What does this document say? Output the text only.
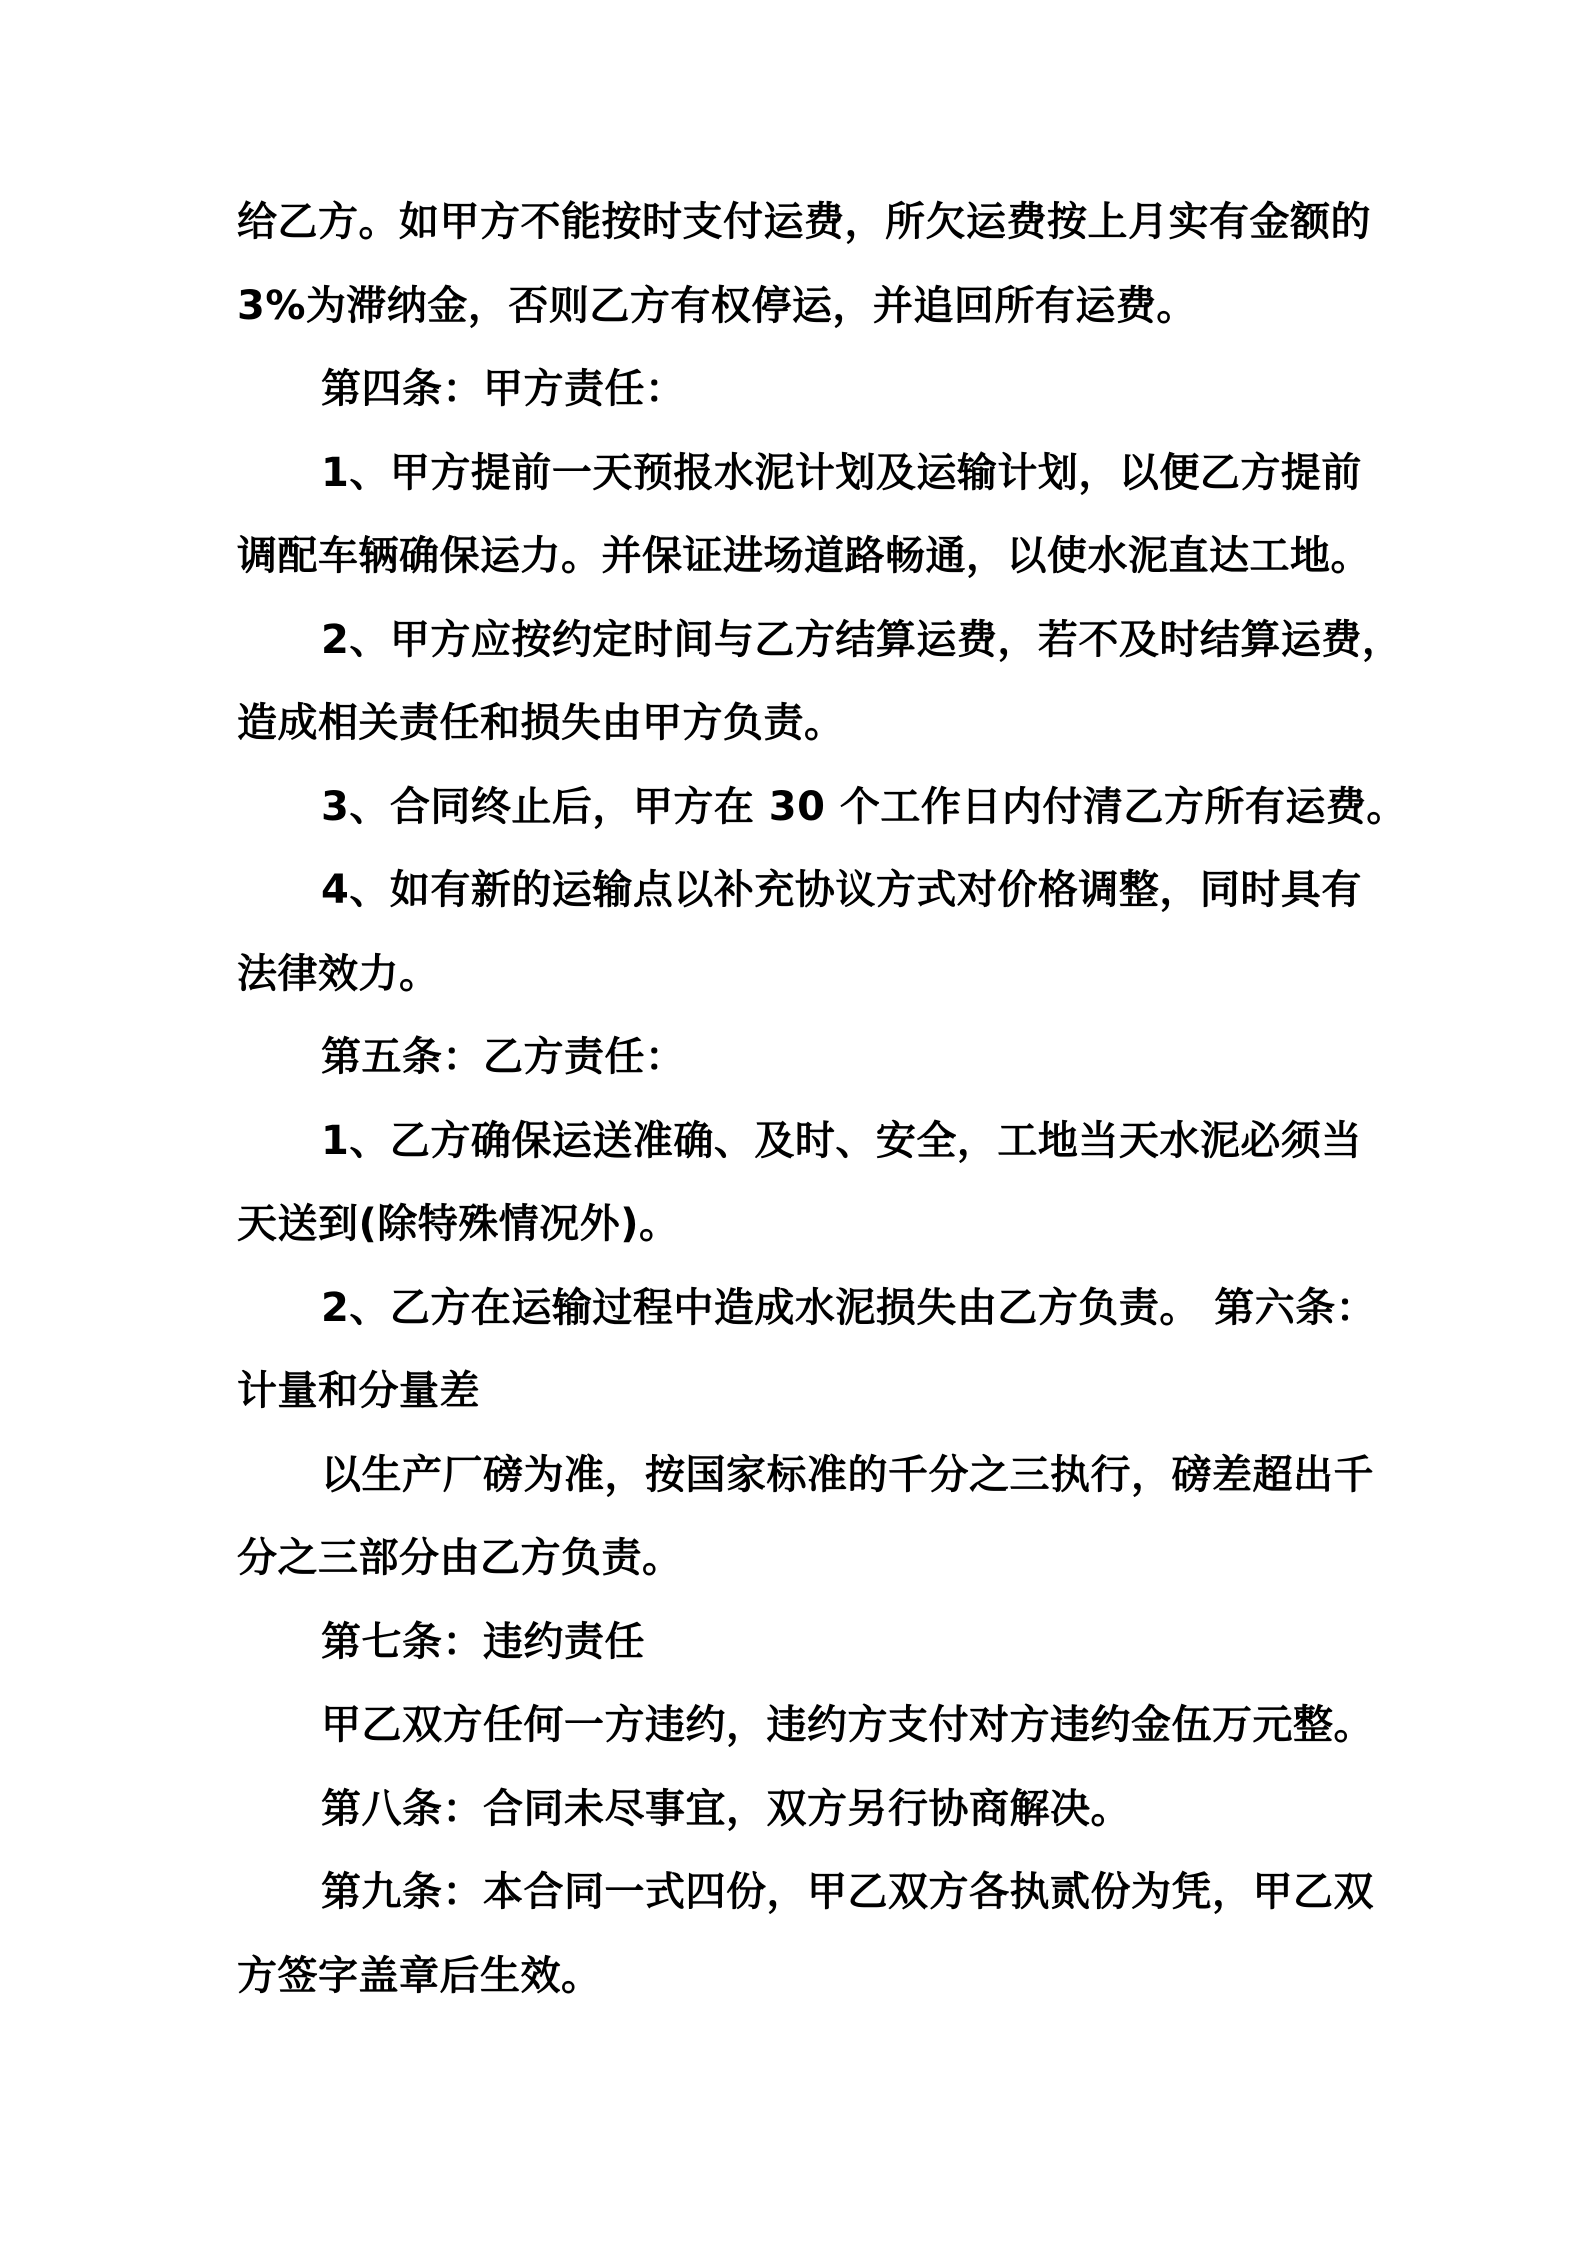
给乙方。如甲方不能按时支付运费，所欠运费按上月实有金额的
3%为滞纳金，否则乙方有权停运，并追回所有运费。
第四条：甲方责任：
1、甲方提前一天预报水泥计划及运输计划，以便乙方提前
调配车辆确保运力。并保证进场道路畅通，以使水泥直达工地。
2、甲方应按约定时间与乙方结算运费，若不及时结算运费，
造成相关责任和损失由甲方负责。
3、合同终止后，甲方在 30 个工作日内付清乙方所有运费。
4、如有新的运输点以补充协议方式对价格调整，同时具有
法律效力。
第五条：乙方责任：
1、乙方确保运送准确、及时、安全，工地当天水泥必须当
天送到(除特殊情况外)。
2、乙方在运输过程中造成水泥损失由乙方负责。 第六条：
计量和分量差
以生产厂磅为准，按国家标准的千分之三执行，磅差超出千
分之三部分由乙方负责。
第七条：违约责任
甲乙双方任何一方违约，违约方支付对方违约金伍万元整。
第八条：合同未尽事宜，双方另行协商解决。
第九条：本合同一式四份，甲乙双方各执贰份为凭，甲乙双
方签字盖章后生效。
